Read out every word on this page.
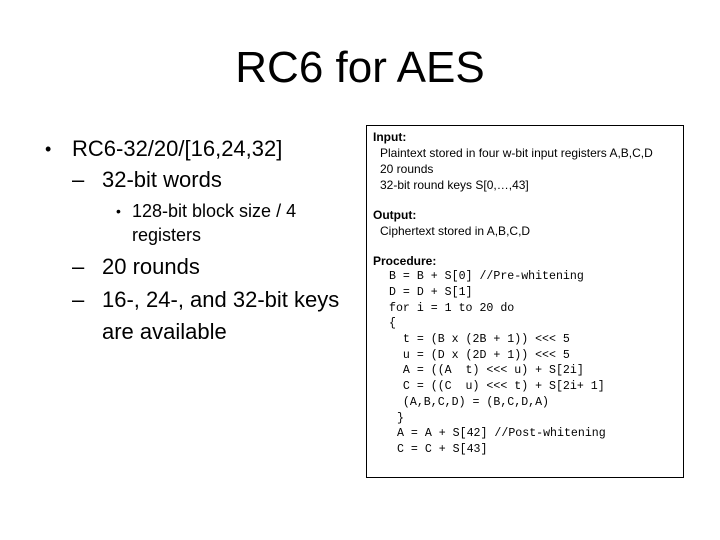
RC6 for AES
• RC6-32/20/[16,24,32]
– 32-bit words
• 128-bit block size / 4 registers
– 20 rounds
– 16-, 24-, and 32-bit keys are available
Input:
Plaintext stored in four w-bit input registers A,B,C,D
20 rounds
32-bit round keys S[0,…,43]
Output:
Ciphertext stored in A,B,C,D
Procedure:
B = B + S[0] //Pre-whitening
D = D + S[1]
for i = 1 to 20 do
{
t = (B x (2B + 1)) <<< 5
u = (D x (2D + 1)) <<< 5
A = ((A  t) <<< u) + S[2i]
C = ((C  u) <<< t) + S[2i+ 1]
(A,B,C,D) = (B,C,D,A)
}
A = A + S[42] //Post-whitening
C = C + S[43]
